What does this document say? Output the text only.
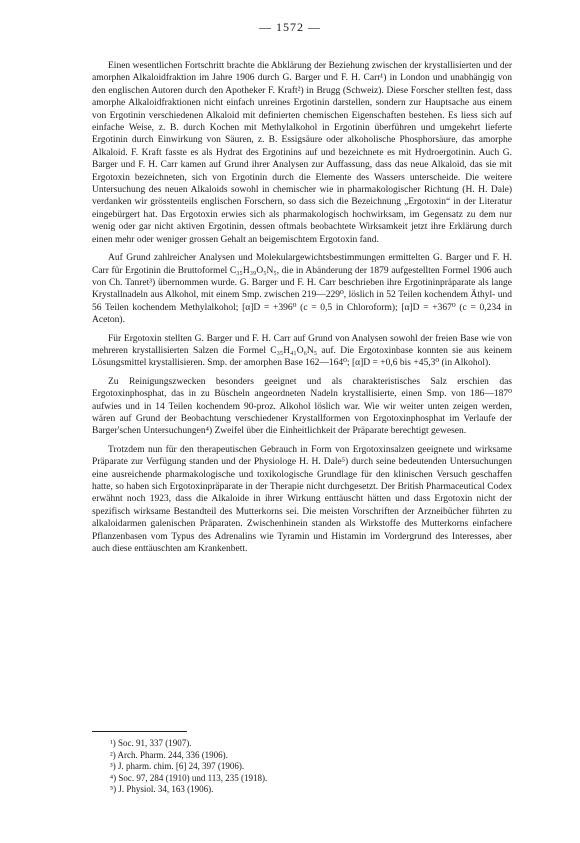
— 1572 —

Einen wesentlichen Fortschritt brachte die Abklärung der Beziehung zwischen der krystallisierten und der amorphen Alkaloidfraktion im Jahre 1906 durch G. Barger und F. H. Carr¹) in London und unabhängig von den englischen Autoren durch den Apotheker F. Kraft²) in Brugg (Schweiz). Diese Forscher stellten fest, dass amorphe Alkaloidfraktionen nicht einfach unreines Ergotinin darstellen, sondern zur Hauptsache aus einem von Ergotinin verschiedenen Alkaloid mit definierten chemischen Eigenschaften bestehen. Es liess sich auf einfache Weise, z. B. durch Kochen mit Methylalkohol in Ergotinin überführen und umgekehrt lieferte Ergotinin durch Einwirkung von Säuren, z. B. Essigsäure oder alkoholische Phosphorsäure, das amorphe Alkaloid. F. Kraft fasste es als Hydrat des Ergotinins auf und bezeichnete es mit Hydroergotinin. Auch G. Barger und F. H. Carr kamen auf Grund ihrer Analysen zur Auffassung, dass das neue Alkaloid, das sie mit Ergotoxin bezeichneten, sich von Ergotinin durch die Elemente des Wassers unterscheide. Die weitere Untersuchung des neuen Alkaloids sowohl in chemischer wie in pharmakologischer Richtung (H. H. Dale) verdanken wir grösstenteils englischen Forschern, so dass sich die Bezeichnung „Ergotoxin“ in der Literatur eingebürgert hat. Das Ergotoxin erwies sich als pharmakologisch hochwirksam, im Gegensatz zu dem nur wenig oder gar nicht aktiven Ergotinin, dessen oftmals beobachtete Wirksamkeit jetzt ihre Erklärung durch einen mehr oder weniger grossen Gehalt an beigemischtem Ergotoxin fand.

Auf Grund zahlreicher Analysen und Molekulargewichtsbestimmungen ermittelten G. Barger und F. H. Carr für Ergotinin die Bruttoformel C₃₅H₃₉O₅N₅, die in Abänderung der 1879 aufgestellten Formel 1906 auch von Ch. Tanret³) übernommen wurde. G. Barger und F. H. Carr beschrieben ihre Ergotininpräparate als lange Krystallnadeln aus Alkohol, mit einem Smp. zwischen 219—229⁰, löslich in 52 Teilen kochendem Äthyl- und 56 Teilen kochendem Methylalkohol; [α]D = +396⁰ (c = 0,5 in Chloroform); [α]D = +367⁰ (c = 0,234 in Aceton).

Für Ergotoxin stellten G. Barger und F. H. Carr auf Grund von Analysen sowohl der freien Base wie von mehreren krystallisierten Salzen die Formel C₃₅H₄₁O₆N₅ auf. Die Ergotoxinbase konnten sie aus keinem Lösungsmittel krystallisieren. Smp. der amorphen Base 162—164⁰; [α]D = +0,6 bis +45,3⁰ (in Alkohol).

Zu Reinigungszwecken besonders geeignet und als charakteristisches Salz erschien das Ergotoxinphosphat, das in zu Büscheln angeordneten Nadeln krystallisierte, einen Smp. von 186—187⁰ aufwies und in 14 Teilen kochendem 90-proz. Alkohol löslich war. Wie wir weiter unten zeigen werden, wären auf Grund der Beobachtung verschiedener Krystallformen von Ergotoxinphosphat im Verlaufe der Barger'schen Untersuchungen⁴) Zweifel über die Einheitlichkeit der Präparate berechtigt gewesen.

Trotzdem nun für den therapeutischen Gebrauch in Form von Ergotoxinsalzen geeignete und wirksame Präparate zur Verfügung standen und der Physiologe H. H. Dale⁵) durch seine bedeutenden Untersuchungen eine ausreichende pharmakologische und toxikologische Grundlage für den klinischen Versuch geschaffen hatte, so haben sich Ergotoxinpräparate in der Therapie nicht durchgesetzt. Der British Pharmaceutical Codex erwähnt noch 1923, dass die Alkaloide in ihrer Wirkung enttäuscht hätten und dass Ergotoxin nicht der spezifisch wirksame Bestandteil des Mutterkorns sei. Die meisten Vorschriften der Arzneibücher führten zu alkaloidarmen galenischen Präparaten. Zwischenhinein standen als Wirkstoffe des Mutterkorns einfachere Pflanzenbasen vom Typus des Adrenalins wie Tyramin und Histamin im Vordergrund des Interesses, aber auch diese enttäuschten am Krankenbett.

¹) Soc. 91, 337 (1907).
²) Arch. Pharm. 244, 336 (1906).
³) J. pharm. chim. [6] 24, 397 (1906).
⁴) Soc. 97, 284 (1910) und 113, 235 (1918).
⁵) J. Physiol. 34, 163 (1906).
